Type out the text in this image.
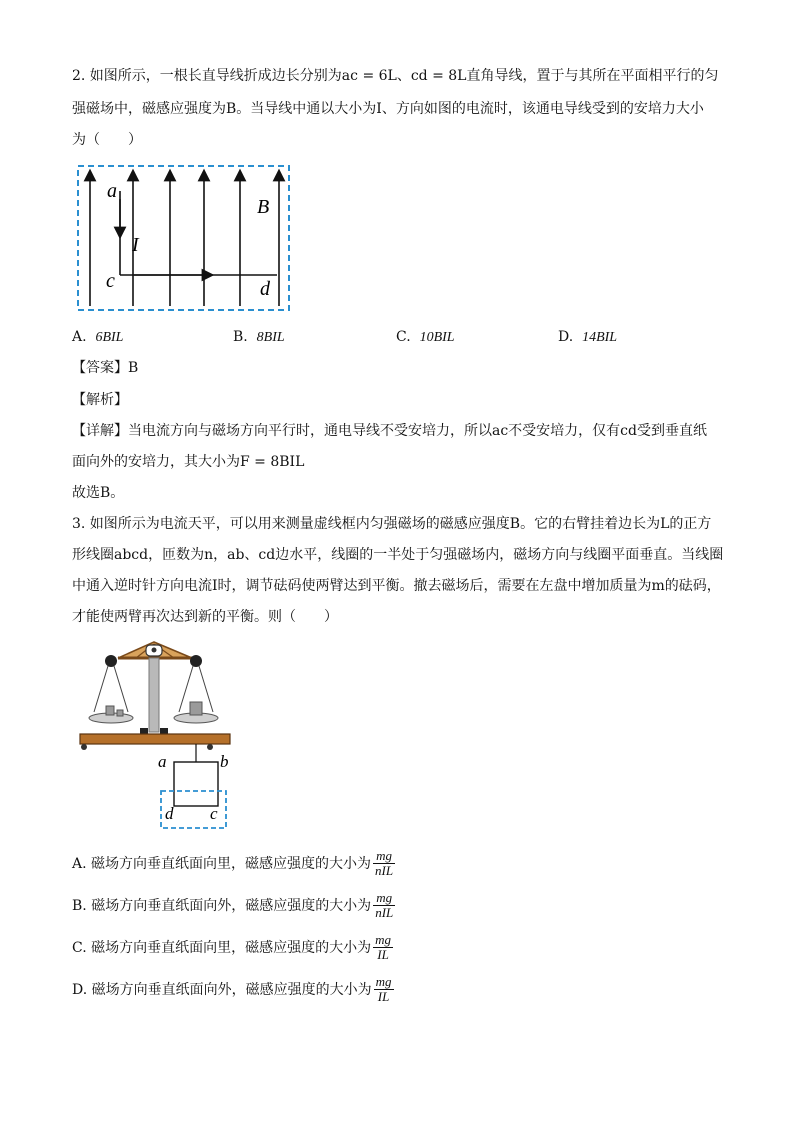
2. 如图所示，一根长直导线折成边长分别为ac = 6L、cd = 8L直角导线，置于与其所在平面相平行的匀
强磁场中，磁感应强度为B。当导线中通以大小为I、方向如图的电流时，该通电导线受到的安培力大小
为（　　）
a
B
I
c	d
A. 6BIL	B. 8BIL	C. 10BIL	D. 14BIL
【答案】B
【解析】
【详解】当电流方向与磁场方向平行时，通电导线不受安培力，所以ac不受安培力，仅有cd受到垂直纸
面向外的安培力，其大小为F = 8BIL
故选B。
3. 如图所示为电流天平，可以用来测量虚线框内匀强磁场的磁感应强度B。它的右臂挂着边长为L的正方
形线圈abcd，匝数为n，ab、cd边水平，线圈的一半处于匀强磁场内，磁场方向与线圈平面垂直。当线圈
中通入逆时针方向电流I时，调节砝码使两臂达到平衡。撤去磁场后，需要在左盘中增加质量为m的砝码，
才能使两臂再次达到新的平衡。则（　　）
a	b
d c
A. 磁场方向垂直纸面向里，磁感应强度的大小为 $\frac{mg}{\text{nIL}}$
B. 磁场方向垂直纸面向外，磁感应强度的大小为 $\frac{mg}{\text{nIL}}$
C. 磁场方向垂直纸面向里，磁感应强度的大小为 $\frac{mg}{IL}$
D. 磁场方向垂直纸面向外，磁感应强度的大小为 $\frac{mg}{IL}$
